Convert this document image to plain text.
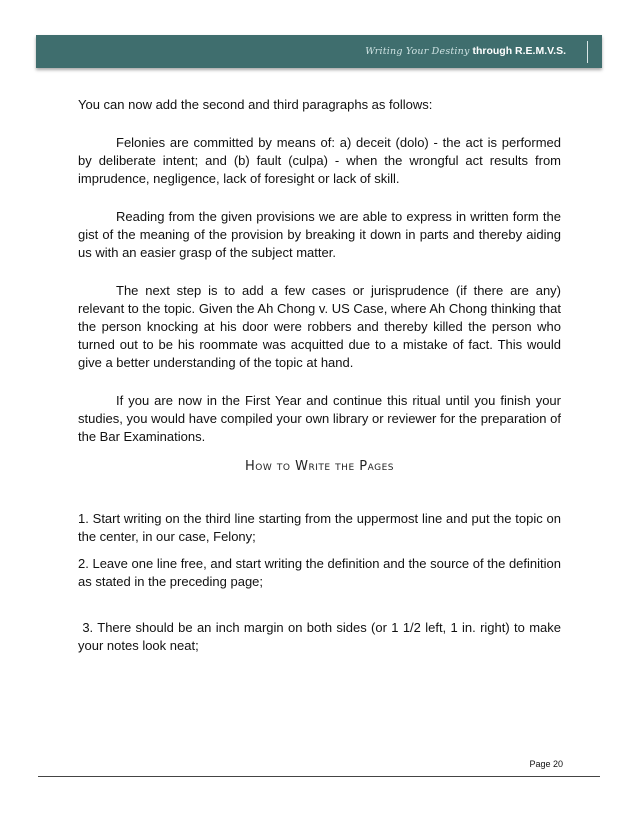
Writing Your Destiny through R.E.M.V.S.

You can now add the second and third paragraphs as follows:

Felonies are committed by means of: a) deceit (dolo) - the act is performed by deliberate intent; and (b) fault (culpa) - when the wrongful act results from imprudence, negligence, lack of foresight or lack of skill.

Reading from the given provisions we are able to express in written form the gist of the meaning of the provision by breaking it down in parts and thereby aiding us with an easier grasp of the subject matter.

The next step is to add a few cases or jurisprudence (if there are any) relevant to the topic. Given the Ah Chong v. US Case, where Ah Chong thinking that the person knocking at his door were robbers and thereby killed the person who turned out to be his roommate was acquitted due to a mistake of fact. This would give a better understanding of the topic at hand.

If you are now in the First Year and continue this ritual until you finish your studies, you would have compiled your own library or reviewer for the preparation of the Bar Examinations.

How to Write the Pages

1. Start writing on the third line starting from the uppermost line and put the topic on the center, in our case, Felony;

2. Leave one line free, and start writing the definition and the source of the definition as stated in the preceding page;

3. There should be an inch margin on both sides (or 1 1/2 left, 1 in. right) to make your notes look neat;

Page 20
